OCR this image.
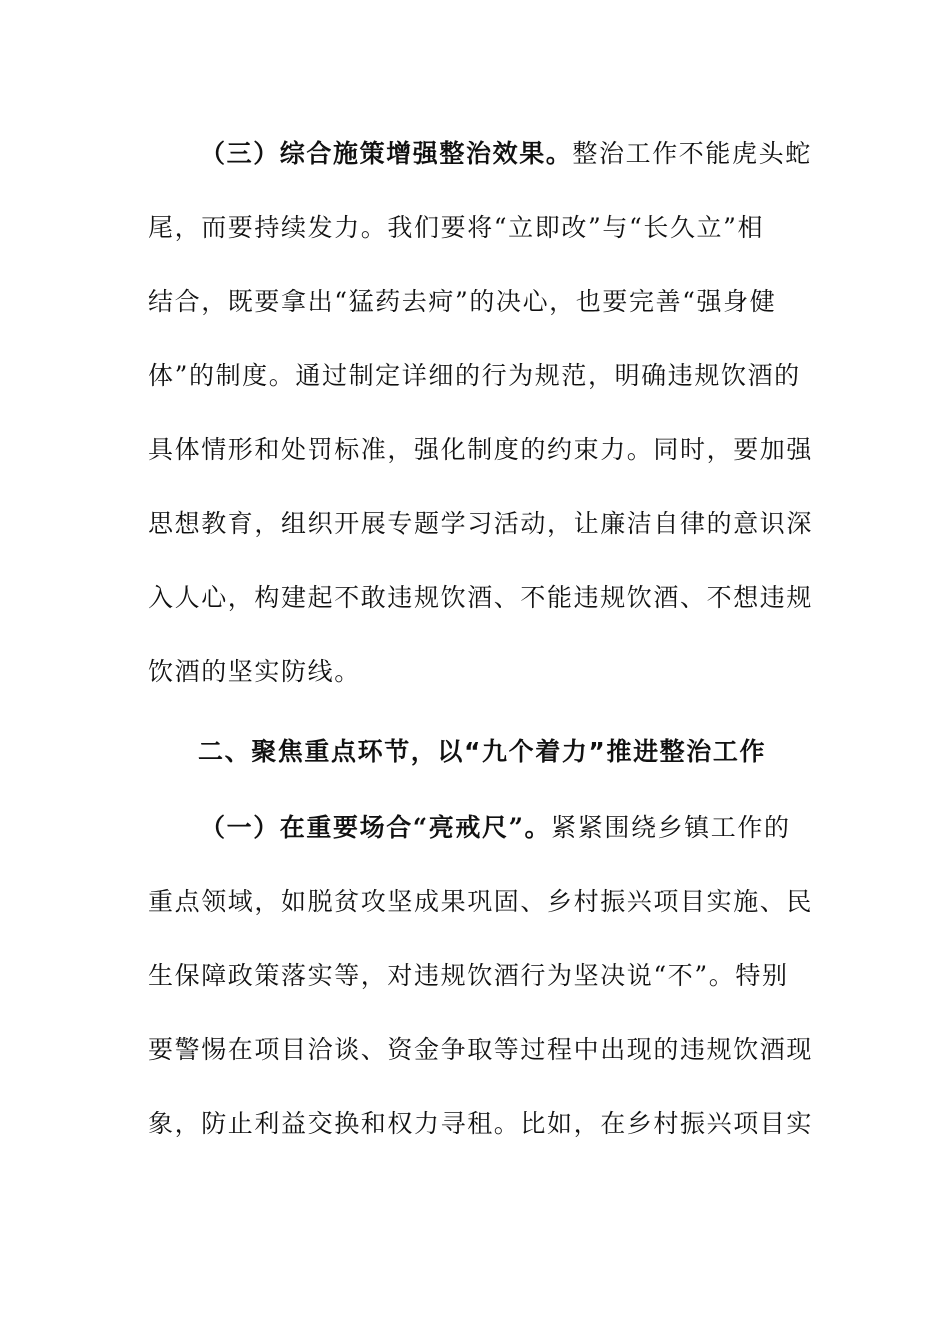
（三）综合施策增强整治效果。整治工作不能虎头蛇
尾，而要持续发力。我们要将“立即改”与“长久立”相
结合，既要拿出“猛药去疴”的决心，也要完善“强身健
体”的制度。通过制定详细的行为规范，明确违规饮酒的
具体情形和处罚标准，强化制度的约束力。同时，要加强
思想教育，组织开展专题学习活动，让廉洁自律的意识深
入人心，构建起不敢违规饮酒、不能违规饮酒、不想违规
饮酒的坚实防线。
二、聚焦重点环节，以“九个着力”推进整治工作
（一）在重要场合“亮戒尺”。紧紧围绕乡镇工作的
重点领域，如脱贫攻坚成果巩固、乡村振兴项目实施、民
生保障政策落实等，对违规饮酒行为坚决说“不”。特别
要警惕在项目洽谈、资金争取等过程中出现的违规饮酒现
象，防止利益交换和权力寻租。比如，在乡村振兴项目实
